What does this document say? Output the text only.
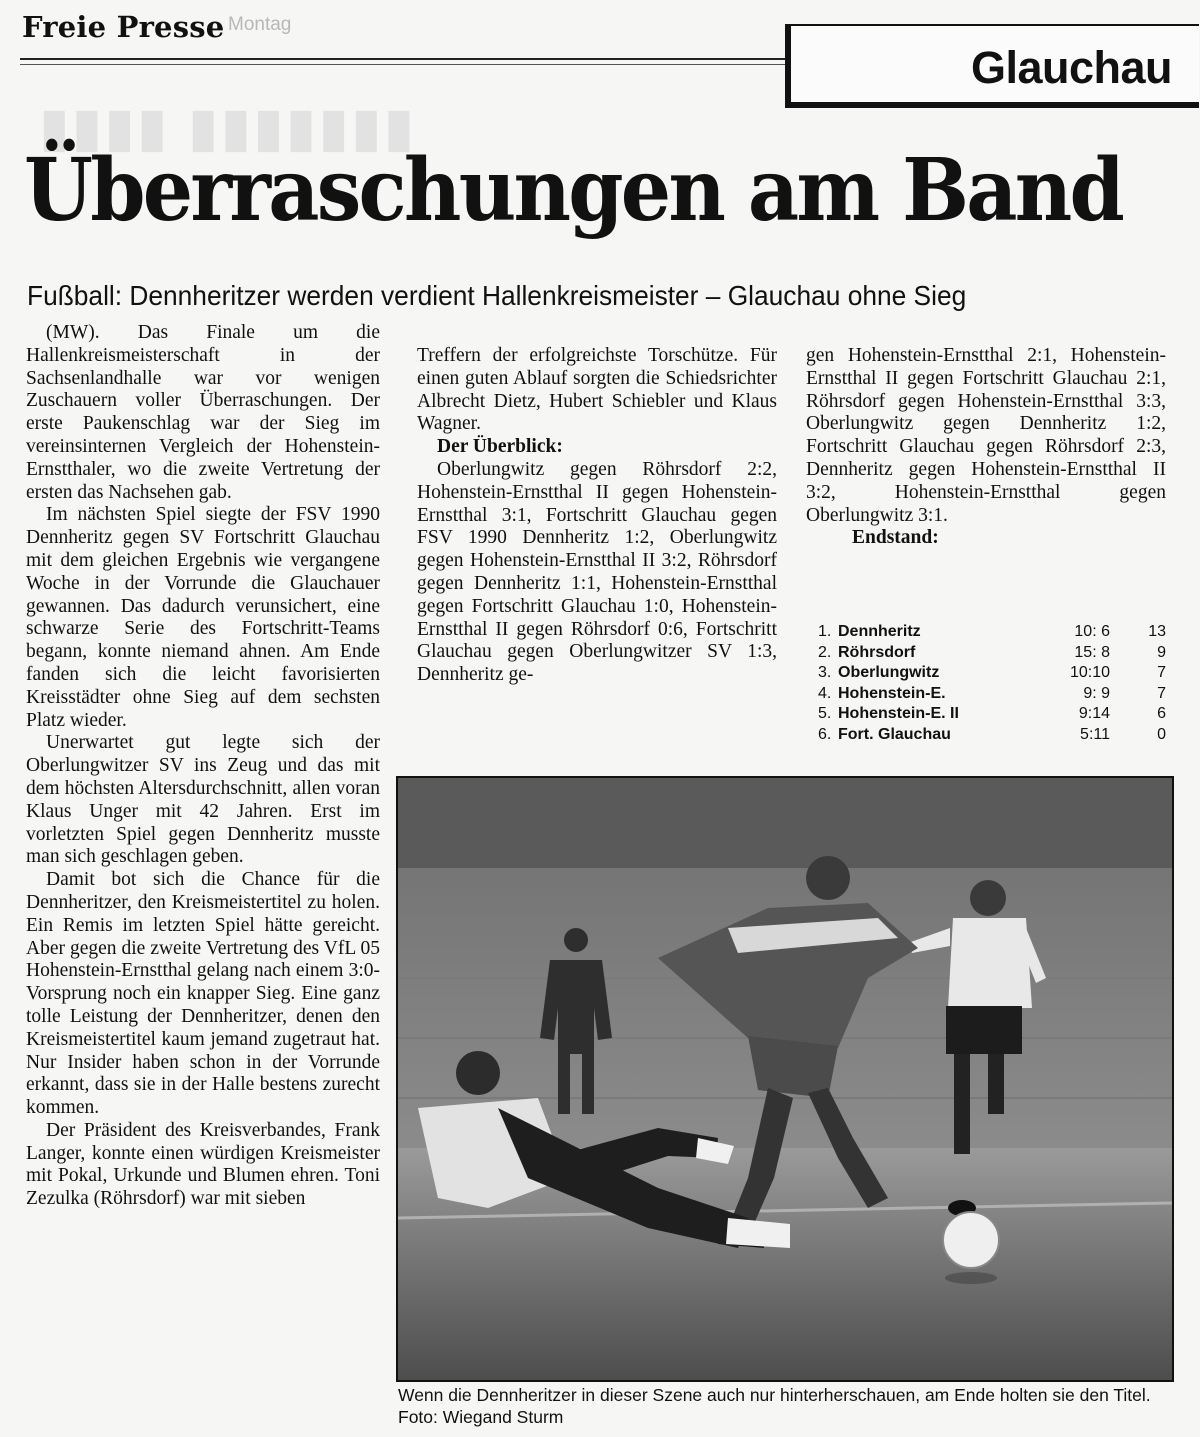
▮▮▮▮ ▮▮▮▮▮▮▮
Freie Presse Montag
Glauchau
Überraschungen am Band
Fußball: Dennheritzer werden verdient Hallenkreismeister – Glauchau ohne Sieg

(MW). Das Finale um die Hallenkreismeisterschaft in der Sachsenlandhalle war vor wenigen Zuschauern voller Überraschungen. Der erste Paukenschlag war der Sieg im vereinsinternen Vergleich der Hohenstein-Ernstthaler, wo die zweite Vertretung der ersten das Nachsehen gab.

Im nächsten Spiel siegte der FSV 1990 Dennheritz gegen SV Fortschritt Glauchau mit dem gleichen Ergebnis wie vergangene Woche in der Vorrunde die Glauchauer gewannen. Das dadurch verunsichert, eine schwarze Serie des Fortschritt-Teams begann, konnte niemand ahnen. Am Ende fanden sich die leicht favorisierten Kreisstädter ohne Sieg auf dem sechsten Platz wieder.

Unerwartet gut legte sich der Oberlungwitzer SV ins Zeug und das mit dem höchsten Altersdurchschnitt, allen voran Klaus Unger mit 42 Jahren. Erst im vorletzten Spiel gegen Dennheritz musste man sich geschlagen geben.

Damit bot sich die Chance für die Dennheritzer, den Kreismeistertitel zu holen. Ein Remis im letzten Spiel hätte gereicht. Aber gegen die zweite Vertretung des VfL 05 Hohenstein-Ernstthal gelang nach einem 3:0-Vorsprung noch ein knapper Sieg. Eine ganz tolle Leistung der Dennheritzer, denen den Kreismeistertitel kaum jemand zugetraut hat. Nur Insider haben schon in der Vorrunde erkannt, dass sie in der Halle bestens zurecht kommen.

Der Präsident des Kreisverbandes, Frank Langer, konnte einen würdigen Kreismeister mit Pokal, Urkunde und Blumen ehren. Toni Zezulka (Röhrsdorf) war mit sieben

Treffern der erfolgreichste Torschütze. Für einen guten Ablauf sorgten die Schiedsrichter Albrecht Dietz, Hubert Schiebler und Klaus Wagner.

Der Überblick:

Oberlungwitz gegen Röhrsdorf 2:2, Hohenstein-Ernstthal II gegen Hohenstein-Ernstthal 3:1, Fortschritt Glauchau gegen FSV 1990 Dennheritz 1:2, Oberlungwitz gegen Hohenstein-Ernstthal II 3:2, Röhrsdorf gegen Dennheritz 1:1, Hohenstein-Ernstthal gegen Fortschritt Glauchau 1:0, Hohenstein-Ernstthal II gegen Röhrsdorf 0:6, Fortschritt Glauchau gegen Oberlungwitzer SV 1:3, Dennheritz ge-

gen Hohenstein-Ernstthal 2:1, Hohenstein-Ernstthal II gegen Fortschritt Glauchau 2:1, Röhrsdorf gegen Hohenstein-Ernstthal 3:3, Oberlungwitz gegen Dennheritz 1:2, Fortschritt Glauchau gegen Röhrsdorf 2:3, Dennheritz gegen Hohenstein-Ernstthal II 3:2, Hohenstein-Ernstthal gegen Oberlungwitz 3:1.

Endstand:

1. Dennheritz	10: 6	13
2. Röhrsdorf	15: 8	9
3. Oberlungwitz	10:10	7
4. Hohenstein-E.	9: 9	7
5. Hohenstein-E. II	9:14	6
6. Fort. Glauchau	5:11	0
Wenn die Dennheritzer in dieser Szene auch nur hinterherschauen, am Ende holten sie den Titel. Foto: Wiegand Sturm
